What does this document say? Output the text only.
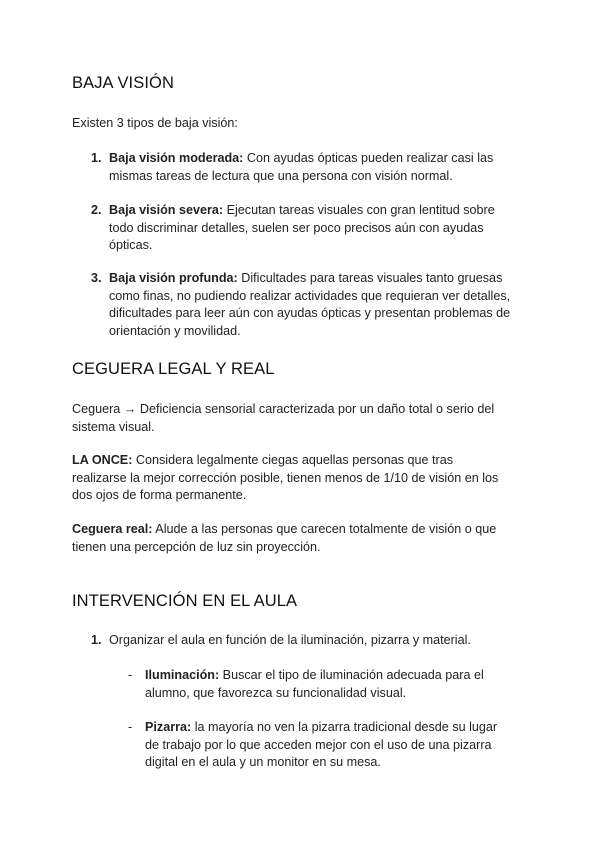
BAJA VISIÓN

Existen 3 tipos de baja visión:

1. Baja visión moderada: Con ayudas ópticas pueden realizar casi las
mismas tareas de lectura que una persona con visión normal.

2. Baja visión severa: Ejecutan tareas visuales con gran lentitud sobre
todo discriminar detalles, suelen ser poco precisos aún con ayudas
ópticas.

3. Baja visión profunda: Dificultades para tareas visuales tanto gruesas
como finas, no pudiendo realizar actividades que requieran ver detalles,
dificultades para leer aún con ayudas ópticas y presentan problemas de
orientación y movilidad.

CEGUERA LEGAL Y REAL

Ceguera → Deficiencia sensorial caracterizada por un daño total o serio del
sistema visual.

LA ONCE: Considera legalmente ciegas aquellas personas que tras
realizarse la mejor corrección posible, tienen menos de 1/10 de visión en los
dos ojos de forma permanente.

Ceguera real: Alude a las personas que carecen totalmente de visión o que
tienen una percepción de luz sin proyección.

INTERVENCIÓN EN EL AULA
1. Organizar el aula en función de la iluminación, pizarra y material.

- Iluminación: Buscar el tipo de iluminación adecuada para el
alumno, que favorezca su funcionalidad visual.

- Pizarra: la mayoría no ven la pizarra tradicional desde su lugar
de trabajo por lo que acceden mejor con el uso de una pizarra
digital en el aula y un monitor en su mesa.
